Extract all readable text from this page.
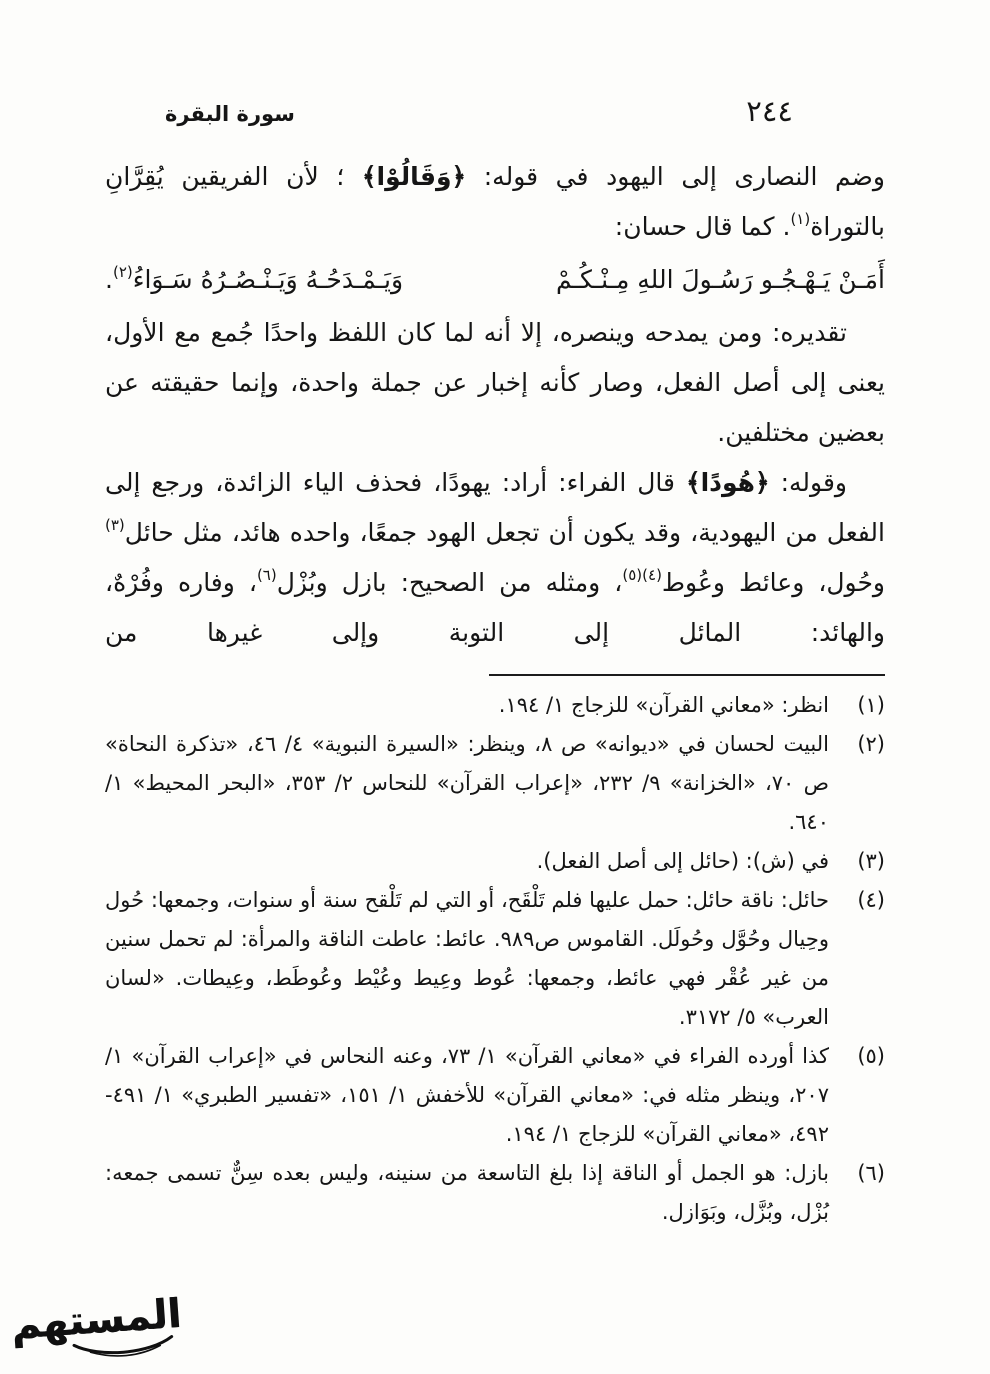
سورة البقرة	٢٤٤

وضم النصارى إلى اليهود في قوله: ﴿وَقَالُوْا﴾ ؛ لأن الفريقين يُقِرَّانِ بالتوراة$^{(١)}$. كما قال حسان:

أَمَـنْ يَـهْـجُـو رَسُـولَ اللهِ مِـنْـكُـمْ
وَيَـمْـدَحُـهُ وَيَـنْـصُـرُهُ سَـوَاءُ$^{(٢)}$.

تقديره: ومن يمدحه وينصره، إلا أنه لما كان اللفظ واحدًا جُمع مع الأول، يعنى إلى أصل الفعل، وصار كأنه إخبار عن جملة واحدة، وإنما حقيقته عن بعضين مختلفين.

وقوله: ﴿هُودًا﴾ قال الفراء: أراد: يهودًا، فحذف الياء الزائدة، ورجع إلى الفعل من اليهودية، وقد يكون أن تجعل الهود جمعًا، واحده هائد، مثل حائل$^{(٣)}$ وحُول، وعائط وعُوط$^{(٤)(٥)}$، ومثله من الصحيح: بازل وبُزْل$^{(٦)}$، وفاره وفُرْهٌ، والهائد: المائل إلى التوبة وإلى غيرها من

(١)
انظر: «معاني القرآن» للزجاج ١/ ١٩٤.
(٢)
البيت لحسان في «ديوانه» ص ٨، وينظر: «السيرة النبوية» ٤/ ٤٦، «تذكرة النحاة» ص ٧٠، «الخزانة» ٩/ ٢٣٢، «إعراب القرآن» للنحاس ٢/ ٣٥٣، «البحر المحيط» ١/ ٦٤٠.
(٣)
في (ش): (حائل إلى أصل الفعل).
(٤)
حائل: ناقة حائل: حمل عليها فلم تَلْقَح، أو التي لم تَلْقح سنة أو سنوات، وجمعها: حُول وحِيال وحُوَّل وحُولَل. القاموس ص٩٨٩. عائط: عاطت الناقة والمرأة: لم تحمل سنين من غير عُقْر فهي عائط، وجمعها: عُوط وعِيط وعُيْط وعُوطَط، وعِيطات. «لسان العرب» ٥/ ٣١٧٢.
(٥)
كذا أورده الفراء في «معاني القرآن» ١/ ٧٣، وعنه النحاس في «إعراب القرآن» ١/ ٢٠٧، وينظر مثله في: «معاني القرآن» للأخفش ١/ ١٥١، «تفسير الطبري» ١/ ٤٩١- ٤٩٢، «معاني القرآن» للزجاج ١/ ١٩٤.
(٦)
بازل: هو الجمل أو الناقة إذا بلغ التاسعة من سنينه، وليس بعده سِنٌّ تسمى جمعه: بُزْل، وبُزَّل، وبَوَازل.
المستهم
